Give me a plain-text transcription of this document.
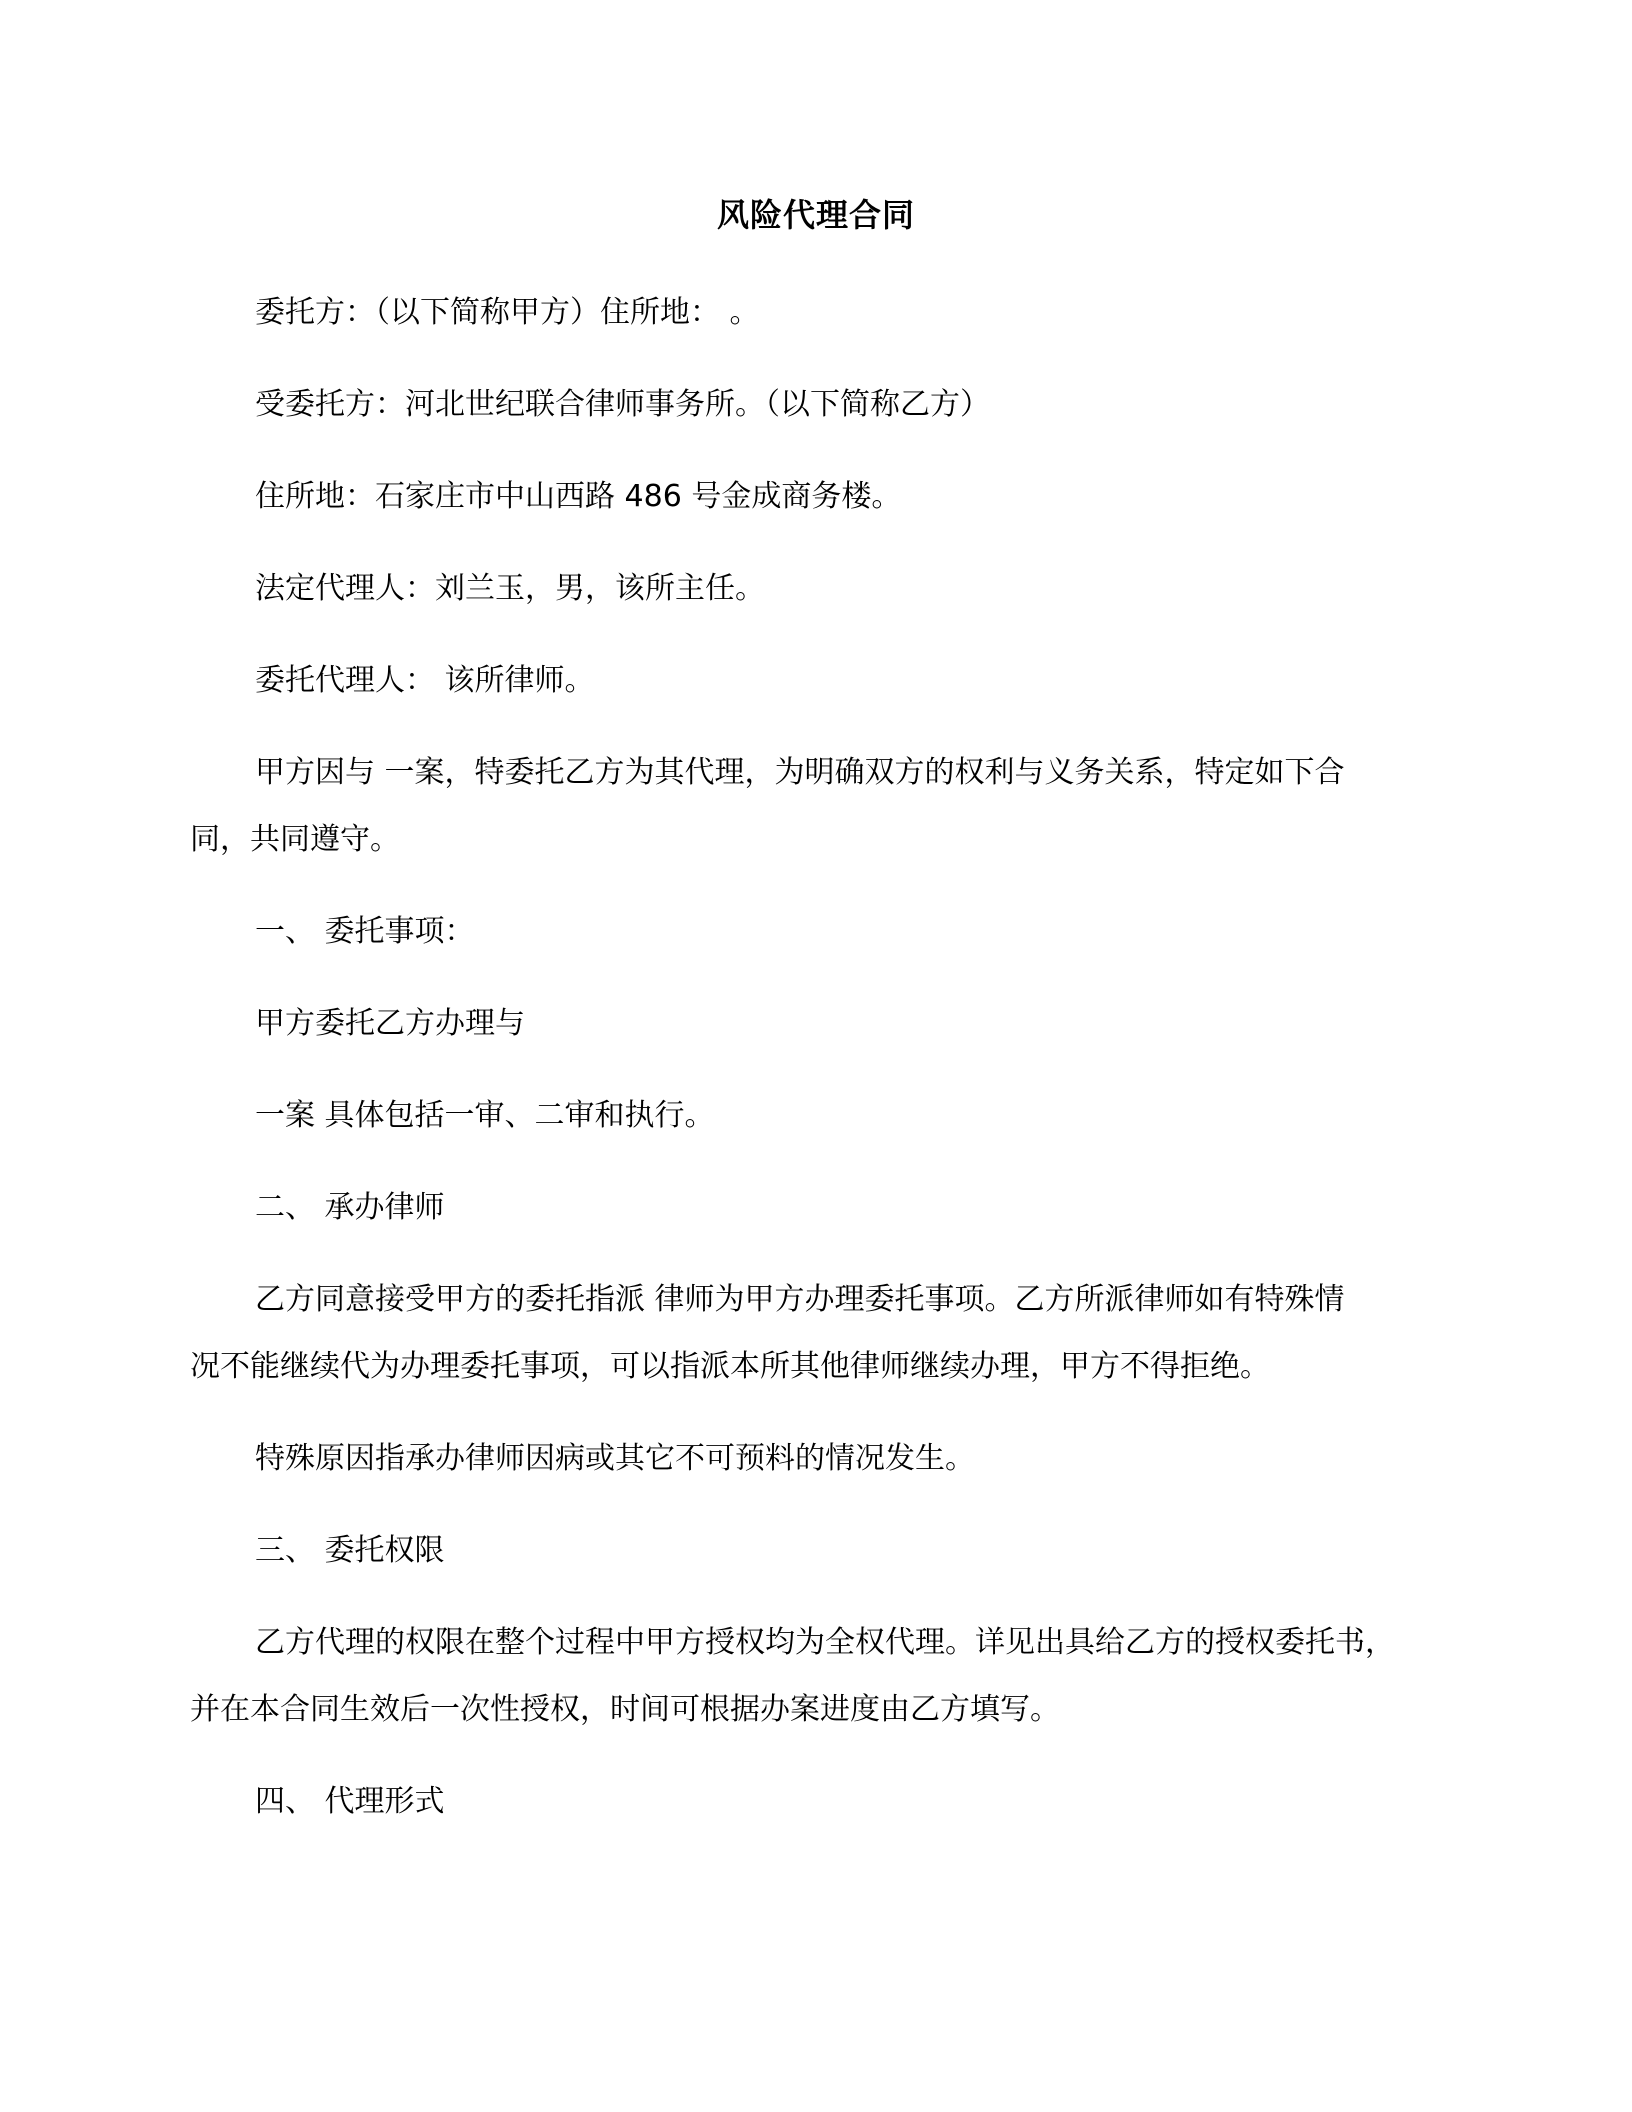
风险代理合同
委托方：（以下简称甲方）住所地： 。
受委托方：河北世纪联合律师事务所。（以下简称乙方）
住所地：石家庄市中山西路 486 号金成商务楼。
法定代理人：刘兰玉，男，该所主任。
委托代理人： 该所律师。
甲方因与 一案，特委托乙方为其代理，为明确双方的权利与义务关系，特定如下合
同，共同遵守。
一、 委托事项：
甲方委托乙方办理与
一案 具体包括一审、二审和执行。
二、 承办律师
乙方同意接受甲方的委托指派 律师为甲方办理委托事项。乙方所派律师如有特殊情
况不能继续代为办理委托事项，可以指派本所其他律师继续办理，甲方不得拒绝。
特殊原因指承办律师因病或其它不可预料的情况发生。
三、 委托权限
乙方代理的权限在整个过程中甲方授权均为全权代理。详见出具给乙方的授权委托书，
并在本合同生效后一次性授权，时间可根据办案进度由乙方填写。
四、 代理形式
